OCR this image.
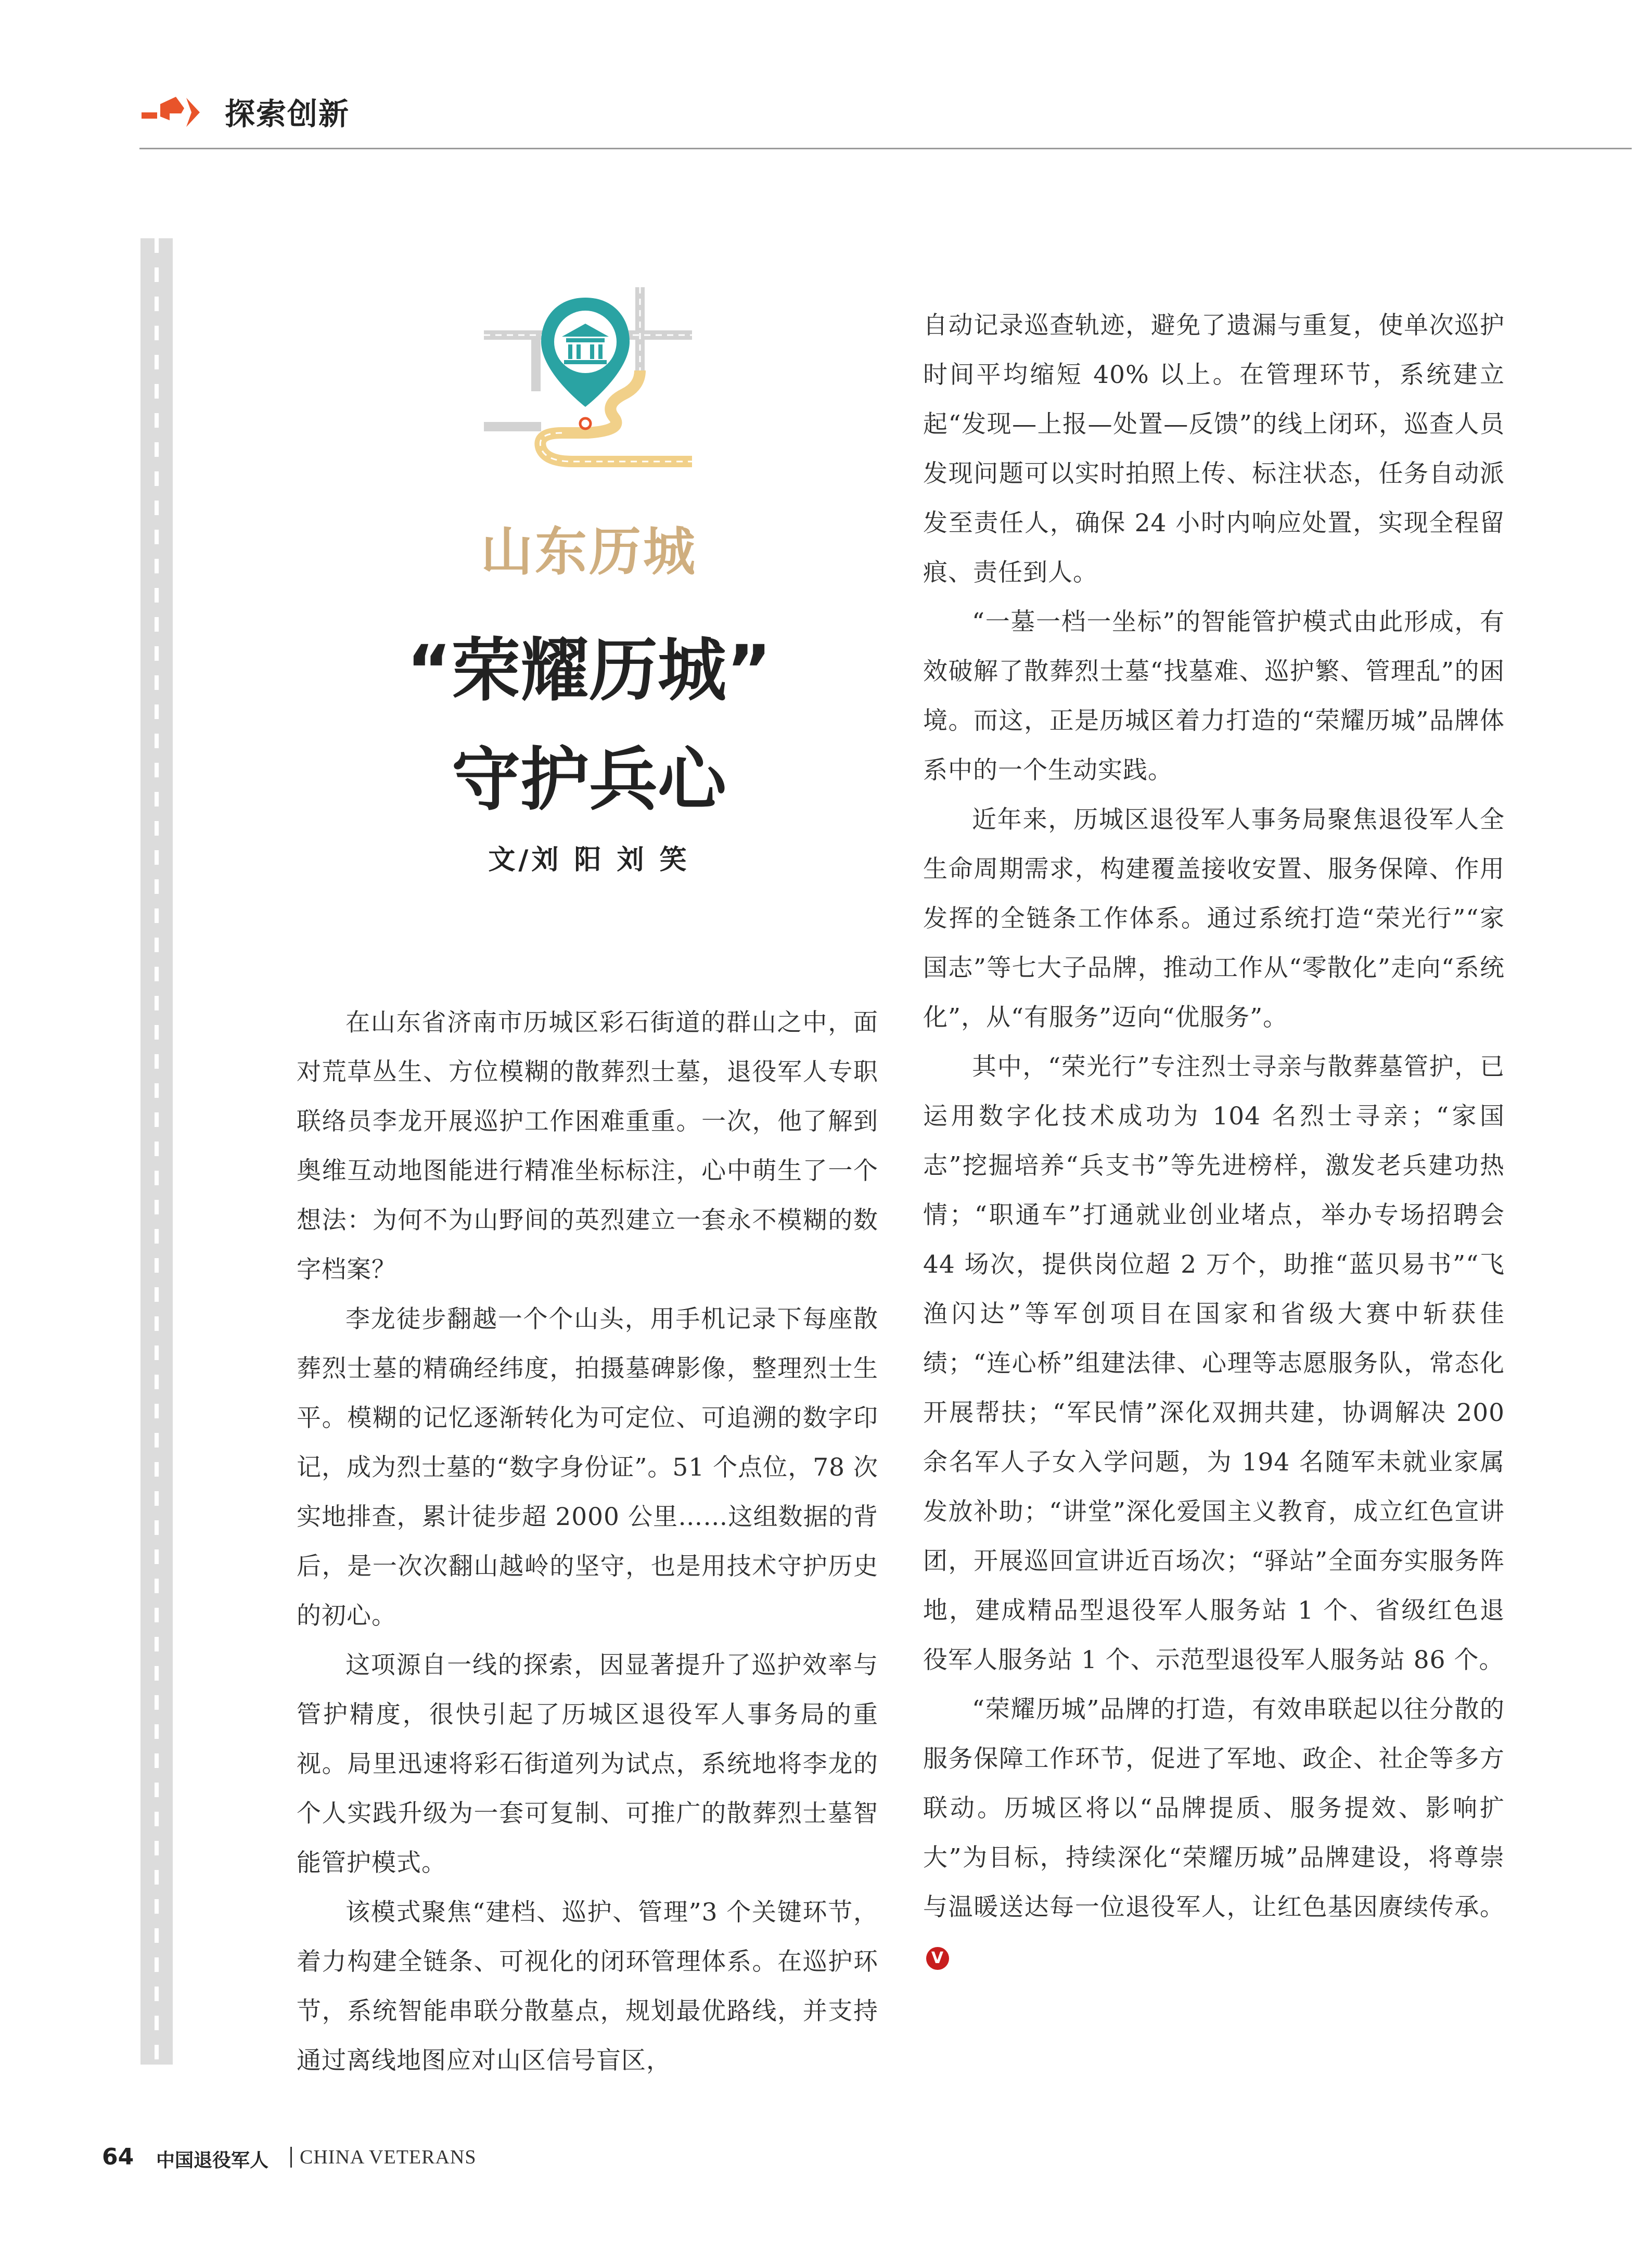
探索创新
山东历城
“荣耀历城”
守护兵心
文/刘 阳 刘 笑

在山东省济南市历城区彩石街道的群山之中，面对荒草丛生、方位模糊的散葬烈士墓，退役军人专职联络员李龙开展巡护工作困难重重。一次，他了解到奥维互动地图能进行精准坐标标注，心中萌生了一个想法：为何不为山野间的英烈建立一套永不模糊的数字档案？

李龙徒步翻越一个个山头，用手机记录下每座散葬烈士墓的精确经纬度，拍摄墓碑影像，整理烈士生平。模糊的记忆逐渐转化为可定位、可追溯的数字印记，成为烈士墓的“数字身份证”。51 个点位，78 次实地排查，累计徒步超 2000 公里……这组数据的背后，是一次次翻山越岭的坚守，也是用技术守护历史的初心。

这项源自一线的探索，因显著提升了巡护效率与管护精度，很快引起了历城区退役军人事务局的重视。局里迅速将彩石街道列为试点，系统地将李龙的个人实践升级为一套可复制、可推广的散葬烈士墓智能管护模式。

该模式聚焦“建档、巡护、管理”3 个关键环节，着力构建全链条、可视化的闭环管理体系。在巡护环节，系统智能串联分散墓点，规划最优路线，并支持通过离线地图应对山区信号盲区，

自动记录巡查轨迹，避免了遗漏与重复，使单次巡护时间平均缩短 40% 以上。在管理环节，系统建立起“发现—上报—处置—反馈”的线上闭环，巡查人员发现问题可以实时拍照上传、标注状态，任务自动派发至责任人，确保 24 小时内响应处置，实现全程留痕、责任到人。

“一墓一档一坐标”的智能管护模式由此形成，有效破解了散葬烈士墓“找墓难、巡护繁、管理乱”的困境。而这，正是历城区着力打造的“荣耀历城”品牌体系中的一个生动实践。

近年来，历城区退役军人事务局聚焦退役军人全生命周期需求，构建覆盖接收安置、服务保障、作用发挥的全链条工作体系。通过系统打造“荣光行”“家国志”等七大子品牌，推动工作从“零散化”走向“系统化”，从“有服务”迈向“优服务”。

其中，“荣光行”专注烈士寻亲与散葬墓管护，已运用数字化技术成功为 104 名烈士寻亲；“家国志”挖掘培养“兵支书”等先进榜样，激发老兵建功热情；“职通车”打通就业创业堵点，举办专场招聘会 44 场次，提供岗位超 2 万个，助推“蓝贝易书”“飞渔闪达”等军创项目在国家和省级大赛中斩获佳绩；“连心桥”组建法律、心理等志愿服务队，常态化开展帮扶；“军民情”深化双拥共建，协调解决 200 余名军人子女入学问题，为 194 名随军未就业家属发放补助；“讲堂”深化爱国主义教育，成立红色宣讲团，开展巡回宣讲近百场次；“驿站”全面夯实服务阵地，建成精品型退役军人服务站 1 个、省级红色退役军人服务站 1 个、示范型退役军人服务站 86 个。

“荣耀历城”品牌的打造，有效串联起以往分散的服务保障工作环节，促进了军地、政企、社企等多方联动。历城区将以“品牌提质、服务提效、影响扩大”为目标，持续深化“荣耀历城”品牌建设，将尊崇与温暖送达每一位退役军人，让红色基因赓续传承。V

64 中国退役军人 CHINA VETERANS
